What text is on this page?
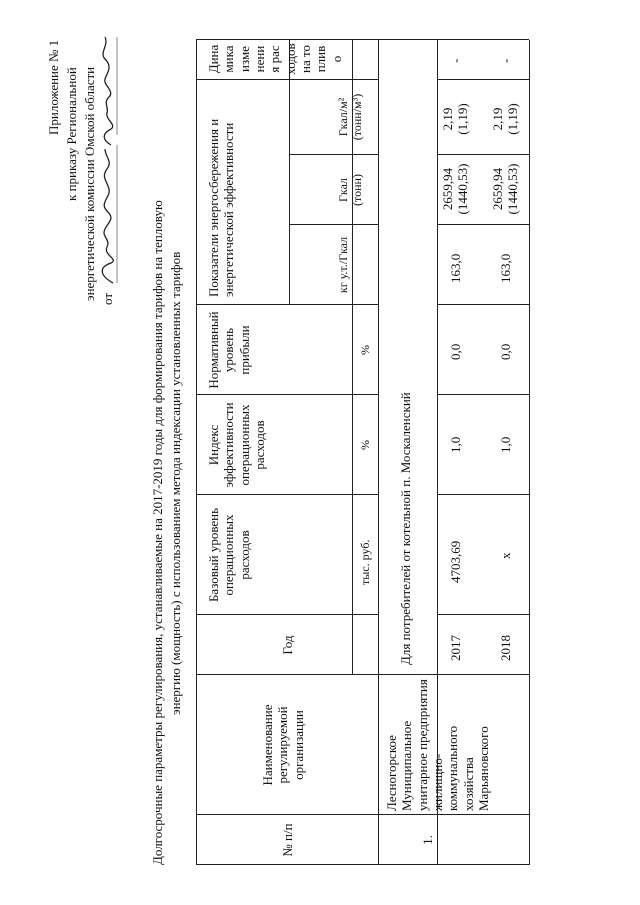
Приложение № 1 к приказу Региональной энергетической комиссии Омской области от	Долгосрочные параметры регулирования, устанавливаемые на 2017-2019 годы для формирования тарифов на тепловую энергию (мощность) с использованием метода индексации установленных тарифов
№ п/п
Наименование регулируемой организации
Год
Базовый уровень операционных расходов
Индекс эффективности операционных расходов
Нормативный уровень прибыли
Показатели энергосбережения и энергетической эффективности
Динамика изменения расходов на топливо
тыс. руб.
%
%
кг у.т./Гкал
Гкал (тонн)
Гкал/м² (тонн/м³)
1.
Лесногорское Муниципальное унитарное предприятия жилищно-коммунального хозяйства Марьяновского
Для потребителей от котельной п. Москаленский	2017
4703,69
1,0
0,0
163,0
2659,94 (1440,53)
2,19 (1,19)
-
2018
х
1,0
0,0
163,0
2659,94 (1440,53)
2,19 (1,19)
-
